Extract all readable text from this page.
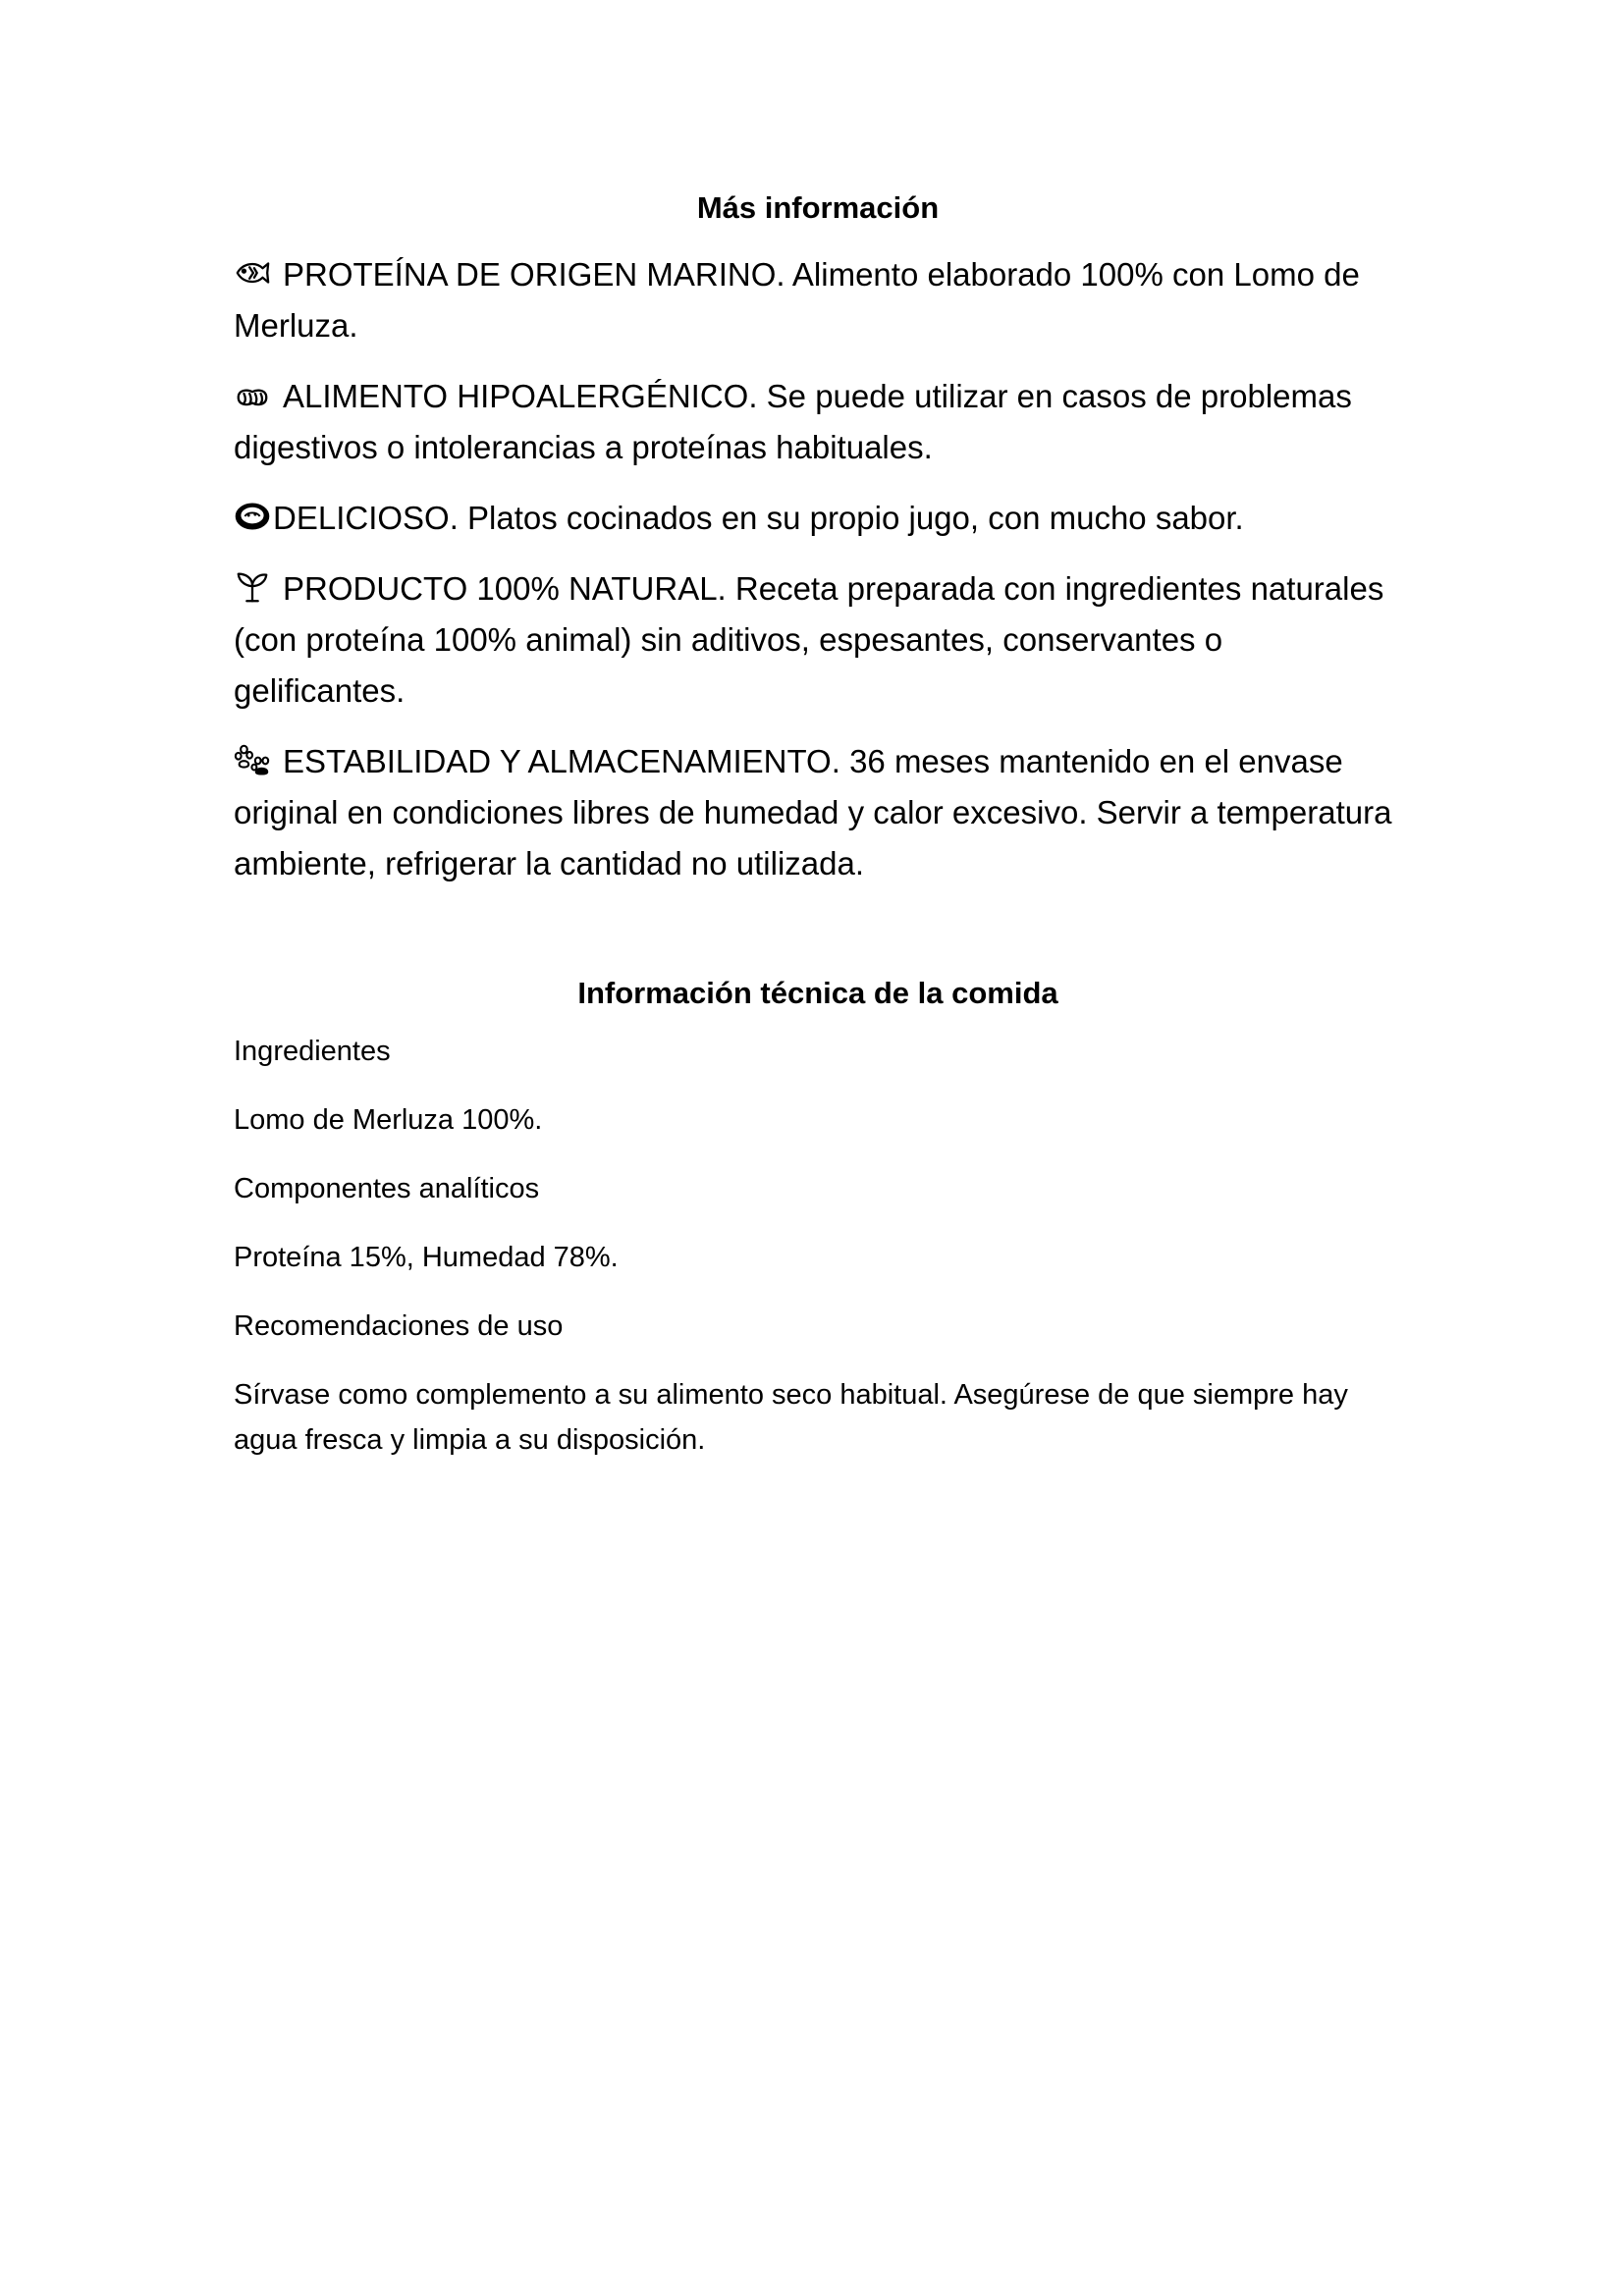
Más información

PROTEÍNA DE ORIGEN MARINO. Alimento elaborado 100% con Lomo de Merluza.

ALIMENTO HIPOALERGÉNICO. Se puede utilizar en casos de problemas digestivos o intolerancias a proteínas habituales.

DELICIOSO. Platos cocinados en su propio jugo, con mucho sabor.

PRODUCTO 100% NATURAL. Receta preparada con ingredientes naturales (con proteína 100% animal) sin aditivos, espesantes, conservantes o gelificantes.

ESTABILIDAD Y ALMACENAMIENTO. 36 meses mantenido en el envase original en condiciones libres de humedad y calor excesivo. Servir a temperatura ambiente, refrigerar la cantidad no utilizada.

Información técnica de la comida

Ingredientes

Lomo de Merluza 100%.

Componentes analíticos

Proteína 15%, Humedad 78%.

Recomendaciones de uso

Sírvase como complemento a su alimento seco habitual. Asegúrese de que siempre hay agua fresca y limpia a su disposición.
